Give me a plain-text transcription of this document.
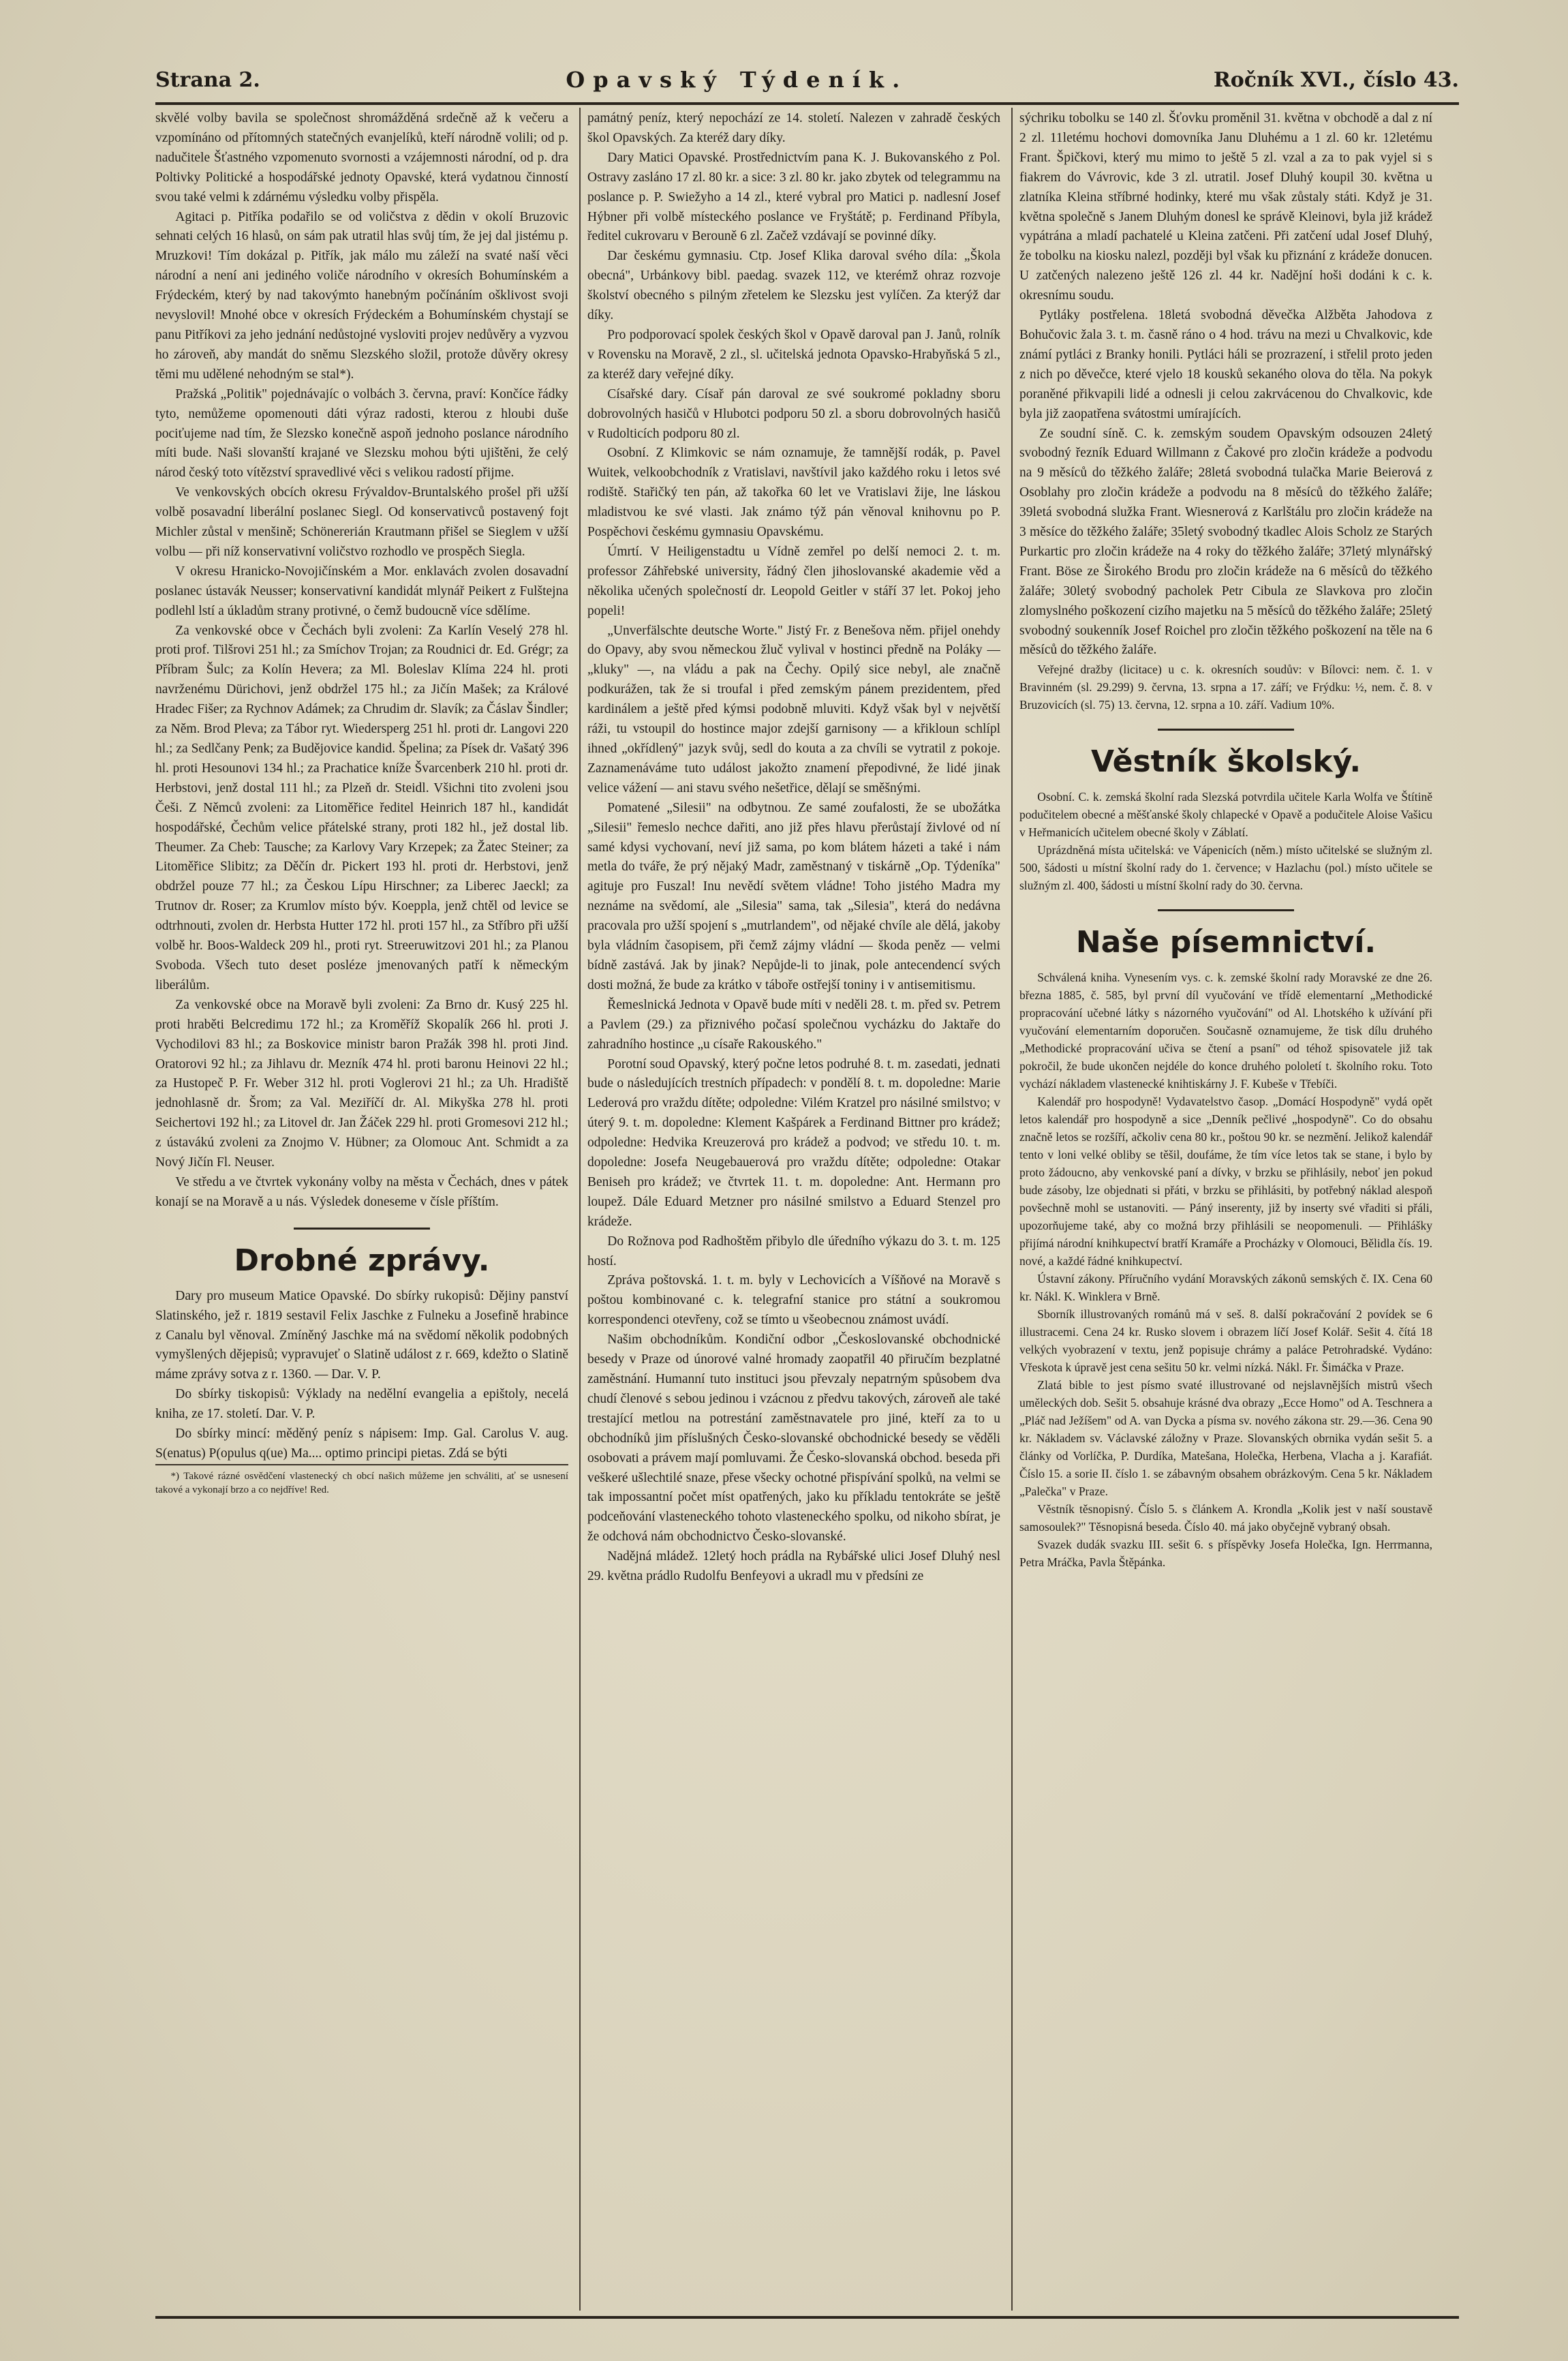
Strana 2.	Opavský Týdeník.	Ročník XVI., číslo 43.

skvělé volby bavila se společnost shromážděná srdečně až k večeru a vzpomínáno od přítomných statečných evanjelíků, kteří národně volili; od p. nadučitele Šťastného vzpomenuto svornosti a vzájemnosti národní, od p. dra Poltivky Politické a hospodářské jednoty Opavské, která vydatnou činností svou také velmi k zdárnému výsledku volby přispěla.

Agitaci p. Pitříka podařilo se od voličstva z dědin v okolí Bruzovic sehnati celých 16 hlasů, on sám pak utratil hlas svůj tím, že jej dal jistému p. Mruzkovi! Tím dokázal p. Pitřík, jak málo mu záleží na svaté naší věci národní a není ani jediného voliče národního v okresích Bohumínském a Frýdeckém, který by nad takovýmto hanebným počínáním ošklivost svoji nevyslovil! Mnohé obce v okresích Frýdeckém a Bohumínském chystají se panu Pitříkovi za jeho jednání nedůstojné vysloviti projev nedůvěry a vyzvou ho zároveň, aby mandát do sněmu Slezského složil, protože důvěry okresy těmi mu udělené nehodným se stal*).

Pražská „Politik" pojednávajíc o volbách 3. června, praví: Končíce řádky tyto, nemůžeme opomenouti dáti výraz radosti, kterou z hloubi duše pociťujeme nad tím, že Slezsko konečně aspoň jednoho poslance národního míti bude. Naši slovanští krajané ve Slezsku mohou býti ujištěni, že celý národ český toto vítězství spravedlivé věci s velikou radostí přijme.

Ve venkovských obcích okresu Frývaldov-Bruntalského prošel při užší volbě posavadní liberální poslanec Siegl. Od konservativců postavený fojt Michler zůstal v menšině; Schönererián Krautmann přišel se Sieglem v užší volbu — při níž konservativní voličstvo rozhodlo ve prospěch Siegla.

V okresu Hranicko-Novojičínském a Mor. enklavách zvolen dosavadní poslanec ústavák Neusser; konservativní kandidát mlynář Peikert z Fulštejna podlehl lstí a úkladům strany protivné, o čemž budoucně více sdělíme.

Za venkovské obce v Čechách byli zvoleni: Za Karlín Veselý 278 hl. proti prof. Tilšrovi 251 hl.; za Smíchov Trojan; za Roudnici dr. Ed. Grégr; za Příbram Šulc; za Kolín Hevera; za Ml. Boleslav Klíma 224 hl. proti navrženému Dürichovi, jenž obdržel 175 hl.; za Jičín Mašek; za Králové Hradec Fišer; za Rychnov Adámek; za Chrudim dr. Slavík; za Čáslav Šindler; za Něm. Brod Pleva; za Tábor ryt. Wiedersperg 251 hl. proti dr. Langovi 220 hl.; za Sedlčany Penk; za Budějovice kandid. Špelina; za Písek dr. Vašatý 396 hl. proti Hesounovi 134 hl.; za Prachatice kníže Švarcenberk 210 hl. proti dr. Herbstovi, jenž dostal 111 hl.; za Plzeň dr. Steidl. Všichni tito zvoleni jsou Češi. Z Němců zvoleni: za Litoměřice ředitel Heinrich 187 hl., kandidát hospodářské, Čechům velice přátelské strany, proti 182 hl., jež dostal lib. Theumer. Za Cheb: Tausche; za Karlovy Vary Krzepek; za Žatec Steiner; za Litoměřice Slibitz; za Děčín dr. Pickert 193 hl. proti dr. Herbstovi, jenž obdržel pouze 77 hl.; za Českou Lípu Hirschner; za Liberec Jaeckl; za Trutnov dr. Roser; za Krumlov místo býv. Koeppla, jenž chtěl od levice se odtrhnouti, zvolen dr. Herbsta Hutter 172 hl. proti 157 hl., za Stříbro při užší volbě hr. Boos-Waldeck 209 hl., proti ryt. Streeruwitzovi 201 hl.; za Planou Svoboda. Všech tuto deset posléze jmenovaných patří k německým liberálům.

Za venkovské obce na Moravě byli zvoleni: Za Brno dr. Kusý 225 hl. proti hraběti Belcredimu 172 hl.; za Kroměříž Skopalík 266 hl. proti J. Vychodilovi 83 hl.; za Boskovice ministr baron Pražák 398 hl. proti Jind. Oratorovi 92 hl.; za Jihlavu dr. Mezník 474 hl. proti baronu Heinovi 22 hl.; za Hustopeč P. Fr. Weber 312 hl. proti Voglerovi 21 hl.; za Uh. Hradiště jednohlasně dr. Šrom; za Val. Meziříčí dr. Al. Mikyška 278 hl. proti Seichertovi 192 hl.; za Litovel dr. Jan Žáček 229 hl. proti Gromesovi 212 hl.; z ústavákú zvoleni za Znojmo V. Hübner; za Olomouc Ant. Schmidt a za Nový Jičín Fl. Neuser.

Ve středu a ve čtvrtek vykonány volby na města v Čechách, dnes v pátek konají se na Moravě a u nás. Výsledek doneseme v čísle příštím.

Drobné zprávy.

Dary pro museum Matice Opavské. Do sbírky rukopisů: Dějiny panství Slatinského, jež r. 1819 sestavil Felix Jaschke z Fulneku a Josefině hrabince z Canalu byl věnoval. Zmíněný Jaschke má na svědomí několik podobných vymyšlených dějepisů; vypravujeť o Slatině událost z r. 669, kdežto o Slatině máme zprávy sotva z r. 1360. — Dar. V. P.

Do sbírky tiskopisů: Výklady na nedělní evangelia a epištoly, necelá kniha, ze 17. století. Dar. V. P.

Do sbírky mincí: měděný peníz s nápisem: Imp. Gal. Carolus V. aug. S(enatus) P(opulus q(ue) Ma.... optimo principi pietas. Zdá se býti

*) Takové rázné osvědčení vlastenecký ch obcí našich můžeme jen schváliti, ať se usnesení takové a vykonají brzo a co nejdříve! Red.

památný peníz, který nepochází ze 14. století. Nalezen v zahradě českých škol Opavských. Za kteréž dary díky.

Dary Matici Opavské. Prostřednictvím pana K. J. Bukovanského z Pol. Ostravy zasláno 17 zl. 80 kr. a sice: 3 zl. 80 kr. jako zbytek od telegrammu na poslance p. P. Swiežyho a 14 zl., které vybral pro Matici p. nadlesní Josef Hýbner při volbě místeckého poslance ve Fryštátě; p. Ferdinand Příbyla, ředitel cukrovaru v Berouně 6 zl. Začež vzdávají se povinné díky.

Dar českému gymnasiu. Ctp. Josef Klika daroval svého díla: „Škola obecná", Urbánkovy bibl. paedag. svazek 112, ve kterémž ohraz rozvoje školství obecného s pilným zřetelem ke Slezsku jest vylíčen. Za kterýž dar díky.

Pro podporovací spolek českých škol v Opavě daroval pan J. Janů, rolník v Rovensku na Moravě, 2 zl., sl. učitelská jednota Opavsko-Hrabyňská 5 zl., za kteréž dary veřejné díky.

Císařské dary. Císař pán daroval ze své soukromé pokladny sboru dobrovolných hasičů v Hlubotci podporu 50 zl. a sboru dobrovolných hasičů v Rudolticích podporu 80 zl.

Osobní. Z Klimkovic se nám oznamuje, že tamnější rodák, p. Pavel Wuitek, velkoobchodník z Vratislavi, navštívil jako každého roku i letos své rodiště. Stařičký ten pán, až takořka 60 let ve Vratislavi žije, lne láskou mladistvou ke své vlasti. Jak známo týž pán věnoval knihovnu po P. Pospěchovi českému gymnasiu Opavskému.

Úmrtí. V Heiligenstadtu u Vídně zemřel po delší nemoci 2. t. m. professor Záhřebské university, řádný člen jihoslovanské akademie věd a několika učených společností dr. Leopold Geitler v stáří 37 let. Pokoj jeho popeli!

„Unverfälschte deutsche Worte." Jistý Fr. z Benešova něm. přijel onehdy do Opavy, aby svou německou žluč vylival v hostinci předně na Poláky — „kluky" —, na vládu a pak na Čechy. Opilý sice nebyl, ale značně podkurážen, tak že si troufal i před zemským pánem prezidentem, před kardinálem a ještě před kýmsi podobně mluviti. Když však byl v největší ráži, tu vstoupil do hostince major zdejší garnisony — a křikloun schlípl ihned „okřídlený" jazyk svůj, sedl do kouta a za chvíli se vytratil z pokoje. Zaznamenáváme tuto událost jakožto znamení přepodivné, že lidé jinak velice vážení — ani stavu svého nešetřice, dělají se směšnými.

Pomatené „Silesii" na odbytnou. Ze samé zoufalosti, že se ubožátka „Silesii" řemeslo nechce dařiti, ano již přes hlavu přerůstají živlové od ní samé kdysi vychovaní, neví již sama, po kom blátem házeti a také i nám metla do tváře, že prý nějaký Madr, zaměstnaný v tiskárně „Op. Týdeníka" agituje pro Fuszal! Inu nevědí světem vládne! Toho jistého Madra my neznáme na svědomí, ale „Silesia" sama, tak „Silesia", která do nedávna pracovala pro užší spojení s „mutrlandem", od nějaké chvíle ale dělá, jakoby byla vládním časopisem, při čemž zájmy vládní — škoda peněz — velmi bídně zastává. Jak by jinak? Nepůjde-li to jinak, pole antecendencí svých dosti možná, že bude za krátko v táboře ostřejší toniny i v antisemitismu.

Řemeslnická Jednota v Opavě bude míti v neděli 28. t. m. před sv. Petrem a Pavlem (29.) za přiznivého počasí společnou vycházku do Jaktaře do zahradního hostince „u císaře Rakouského."

Porotní soud Opavský, který počne letos podruhé 8. t. m. zasedati, jednati bude o následujících trestních případech: v pondělí 8. t. m. dopoledne: Marie Lederová pro vraždu dítěte; odpoledne: Vilém Kratzel pro násilné smilstvo; v úterý 9. t. m. dopoledne: Klement Kašpárek a Ferdinand Bittner pro krádež; odpoledne: Hedvika Kreuzerová pro krádež a podvod; ve středu 10. t. m. dopoledne: Josefa Neugebauerová pro vraždu dítěte; odpoledne: Otakar Beniseh pro krádež; ve čtvrtek 11. t. m. dopoledne: Ant. Hermann pro loupež. Dále Eduard Metzner pro násilné smilstvo a Eduard Stenzel pro krádeže.

Do Rožnova pod Radhoštěm přibylo dle úředního výkazu do 3. t. m. 125 hostí.

Zpráva poštovská. 1. t. m. byly v Lechovicích a Víšňové na Moravě s poštou kombinované c. k. telegrafní stanice pro státní a soukromou korrespondenci otevřeny, což se tímto u všeobecnou známost uvádí.

Našim obchodníkům. Kondiční odbor „Českoslovanské obchodnické besedy v Praze od únorové valné hromady zaopatřil 40 přiručím bezplatné zaměstnání. Humanní tuto instituci jsou převzaly nepatrným spůsobem dva chudí členové s sebou jedinou i vzácnou z předvu takových, zároveň ale také trestající metlou na potrestání zaměstnavatele pro jiné, kteří za to u obchodníků jim příslušných Česko-slovanské obchodnické besedy se věděli osobovati a právem mají pomluvami. Že Česko-slovanská obchod. beseda při veškeré ušlechtilé snaze, přese všecky ochotné přispívání spolků, na velmi se tak impossantní počet míst opatřených, jako ku příkladu tentokráte se ještě podceňování vlasteneckého tohoto vlasteneckého spolku, od nikoho sbírat, je že odchová nám obchodnictvo Česko-slovanské.

Nadějná mládež. 12letý hoch prádla na Rybářské ulici Josef Dluhý nesl 29. května prádlo Rudolfu Benfeyovi a ukradl mu v předsíni ze

sýchriku tobolku se 140 zl. Šťovku proměnil 31. května v obchodě a dal z ní 2 zl. 11letému hochovi domovníka Janu Dluhému a 1 zl. 60 kr. 12letému Frant. Špičkovi, který mu mimo to ještě 5 zl. vzal a za to pak vyjel si s fiakrem do Vávrovic, kde 3 zl. utratil. Josef Dluhý koupil 30. května u zlatníka Kleina stříbrné hodinky, které mu však zůstaly státi. Když je 31. května společně s Janem Dluhým donesl ke správě Kleinovi, byla již krádež vypátrána a mladí pachatelé u Kleina zatčeni. Při zatčení udal Josef Dluhý, že tobolku na kiosku nalezl, později byl však ku přiznání z krádeže donucen. U zatčených nalezeno ještě 126 zl. 44 kr. Nadějní hoši dodáni k c. k. okresnímu soudu.

Pytláky postřelena. 18letá svobodná děvečka Alžběta Jahodova z Bohučovic žala 3. t. m. časně ráno o 4 hod. trávu na mezi u Chvalkovic, kde známí pytláci z Branky honili. Pytláci háli se prozrazení, i střelil proto jeden z nich po děvečce, které vjelo 18 kousků sekaného olova do těla. Na pokyk poraněné přikvapili lidé a odnesli ji celou zakrvácenou do Chvalkovic, kde byla již zaopatřena svátostmi umírajících.

Ze soudní síně. C. k. zemským soudem Opavským odsouzen 24letý svobodný řezník Eduard Willmann z Čakové pro zločin krádeže a podvodu na 9 měsíců do těžkého žaláře; 28letá svobodná tulačka Marie Beierová z Osoblahy pro zločin krádeže a podvodu na 8 měsíců do těžkého žaláře; 39letá svobodná služka Frant. Wiesnerová z Karlštálu pro zločin krádeže na 3 měsíce do těžkého žaláře; 35letý svobodný tkadlec Alois Scholz ze Starých Purkartic pro zločin krádeže na 4 roky do těžkého žaláře; 37letý mlynářský Frant. Böse ze Širokého Brodu pro zločin krádeže na 6 měsíců do těžkého žaláře; 30letý svobodný pacholek Petr Cibula ze Slavkova pro zločin zlomyslného poškození cizího majetku na 5 měsíců do těžkého žaláře; 25letý svobodný soukenník Josef Roichel pro zločin těžkého poškození na těle na 6 měsíců do těžkého žaláře.

Veřejné dražby (licitace) u c. k. okresních soudův: v Bílovci: nem. č. 1. v Bravinném (sl. 29.299) 9. června, 13. srpna a 17. září; ve Frýdku: ½, nem. č. 8. v Bruzovicích (sl. 75) 13. června, 12. srpna a 10. září. Vadium 10%.

Věstník školský.

Osobní. C. k. zemská školní rada Slezská potvrdila učitele Karla Wolfa ve Štítině podučitelem obecné a měšťanské školy chlapecké v Opavě a podučitele Aloise Vašicu v Heřmanicích učitelem obecné školy v Záblatí.

Uprázdněná místa učitelská: ve Vápenicích (něm.) místo učitelské se služným zl. 500, šádosti u místní školní rady do 1. července; v Hazlachu (pol.) místo učitele se služným zl. 400, šádosti u místní školní rady do 30. června.

Naše písemnictví.

Schválená kniha. Vynesením vys. c. k. zemské školní rady Moravské ze dne 26. března 1885, č. 585, byl první díl vyučování ve třídě elementarní „Methodické propracování učebné látky s názorného vyučování" od Al. Lhotského k užívání při vyučování elementarním doporučen. Současně oznamujeme, že tisk dílu druhého „Methodické propracování učiva se čtení a psaní" od téhož spisovatele již tak pokročil, že bude ukončen nejdéle do konce druhého pololetí t. školního roku. Toto vychází nákladem vlastenecké knihtiskárny J. F. Kubeše v Třebíči.

Kalendář pro hospodyně! Vydavatelstvo časop. „Domácí Hospodyně" vydá opět letos kalendář pro hospodyně a sice „Denník pečlivé „hospodyně". Co do obsahu značně letos se rozšíří, ačkoliv cena 80 kr., poštou 90 kr. se nezmění. Jelikož kalendář tento v loni velké obliby se těšil, doufáme, že tím více letos tak se stane, i bylo by proto žádoucno, aby venkovské paní a dívky, v brzku se přihlásily, neboť jen pokud bude zásoby, lze objednati si přáti, v brzku se přihlásiti, by potřebný náklad alespoň povšechně mohl se ustanoviti. — Páný inserenty, již by inserty své vřaditi si přáli, upozorňujeme také, aby co možná brzy přihlásili se neopomenuli. — Přihlášky přijímá národní knihkupectví bratří Kramáře a Procházky v Olomouci, Bělidla čís. 19. nové, a každé řádné knihkupectví.

Ústavní zákony. Příručního vydání Moravských zákonů semských č. IX. Cena 60 kr. Nákl. K. Winklera v Brně.

Sborník illustrovaných románů má v seš. 8. další pokračování 2 povídek se 6 illustracemi. Cena 24 kr. Rusko slovem i obrazem líčí Josef Kolář. Sešit 4. čítá 18 velkých vyobrazení v textu, jenž popisuje chrámy a paláce Petrohradské. Vydáno: Vřeskota k úpravě jest cena sešitu 50 kr. velmi nízká. Nákl. Fr. Šimáčka v Praze.

Zlatá bible to jest písmo svaté illustrované od nejslavnějších mistrů všech uměleckých dob. Sešit 5. obsahuje krásné dva obrazy „Ecce Homo" od A. Teschnera a „Pláč nad Ježíšem" od A. van Dycka a písma sv. nového zákona str. 29.—36. Cena 90 kr. Nákladem sv. Václavské záložny v Praze. Slovanských obrnika vydán sešit 5. a články od Vorlíčka, P. Durdíka, Matešana, Holečka, Herbena, Vlacha a j. Karafiát. Číslo 15. a sorie II. číslo 1. se zábavným obsahem obrázkovým. Cena 5 kr. Nákladem „Palečka" v Praze.

Věstník těsnopisný. Číslo 5. s článkem A. Krondla „Kolik jest v naší soustavě samosoulek?" Těsnopisná beseda. Číslo 40. má jako obyčejně vybraný obsah.

Svazek dudák svazku III. sešit 6. s příspěvky Josefa Holečka, Ign. Herrmanna, Petra Mráčka, Pavla Štěpánka.
